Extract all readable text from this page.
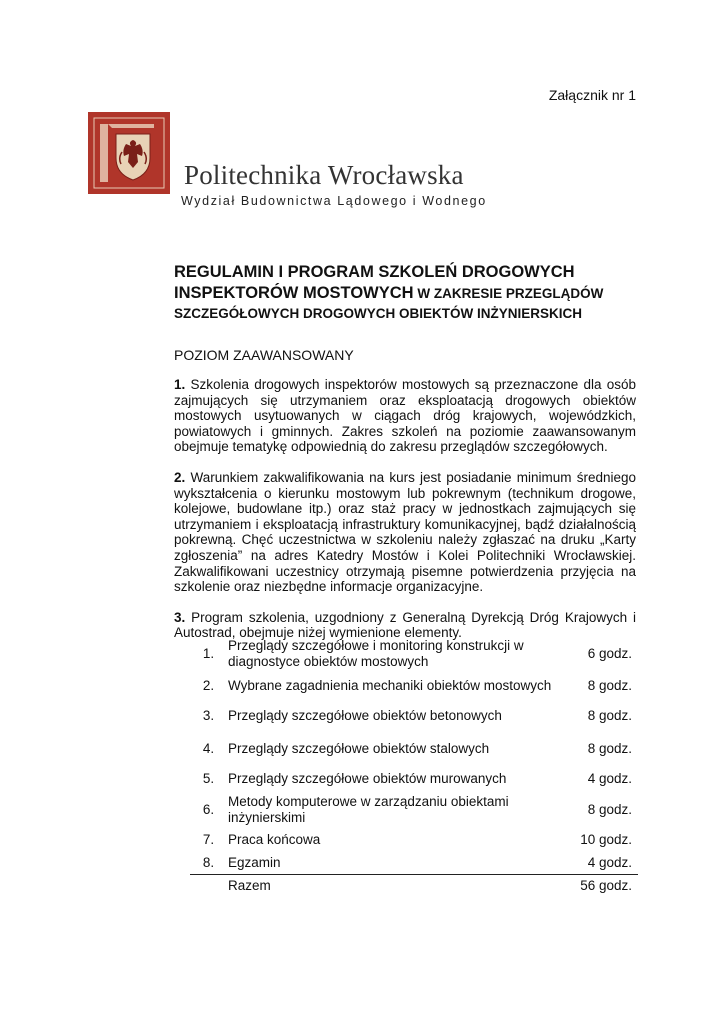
Załącznik nr 1
Politechnika Wrocławska
Wydział Budownictwa Lądowego i Wodnego
REGULAMIN I PROGRAM SZKOLEŃ DROGOWYCH
INSPEKTORÓW MOSTOWYCH W ZAKRESIE PRZEGLĄDÓW
SZCZEGÓŁOWYCH DROGOWYCH OBIEKTÓW INŻYNIERSKICH
POZIOM ZAAWANSOWANY

1. Szkolenia drogowych inspektorów mostowych są przeznaczone dla osób zajmujących się utrzymaniem oraz eksploatacją drogowych obiektów mostowych usytuowanych w ciągach dróg krajowych, wojewódzkich, powiatowych i gminnych. Zakres szkoleń na poziomie zaawansowanym obejmuje tematykę odpowiednią do zakresu przeglądów szczegółowych.

2. Warunkiem zakwalifikowania na kurs jest posiadanie minimum średniego wykształcenia o kierunku mostowym lub pokrewnym (technikum drogowe, kolejowe, budowlane itp.) oraz staż pracy w jednostkach zajmujących się utrzymaniem i eksploatacją infrastruktury komunikacyjnej, bądź działalnością pokrewną. Chęć uczestnictwa w szkoleniu należy zgłaszać na druku „Karty zgłoszenia” na adres Katedry Mostów i Kolei Politechniki Wrocławskiej. Zakwalifikowani uczestnicy otrzymają pisemne potwierdzenia przyjęcia na szkolenie oraz niezbędne informacje organizacyjne.

3. Program szkolenia, uzgodniony z Generalną Dyrekcją Dróg Krajowych i Autostrad, obejmuje niżej wymienione elementy.

1.	Przeglądy szczegółowe i monitoring konstrukcji w diagnostyce obiektów mostowych	6 godz.
2.	Wybrane zagadnienia mechaniki obiektów mostowych	8 godz.
3.	Przeglądy szczegółowe obiektów betonowych	8 godz.
4.	Przeglądy szczegółowe obiektów stalowych	8 godz.
5.	Przeglądy szczegółowe obiektów murowanych	4 godz.
6.	Metody komputerowe w zarządzaniu obiektami inżynierskimi	8 godz.
7.	Praca końcowa	10 godz.
8.	Egzamin	4 godz.
	Razem	56 godz.
